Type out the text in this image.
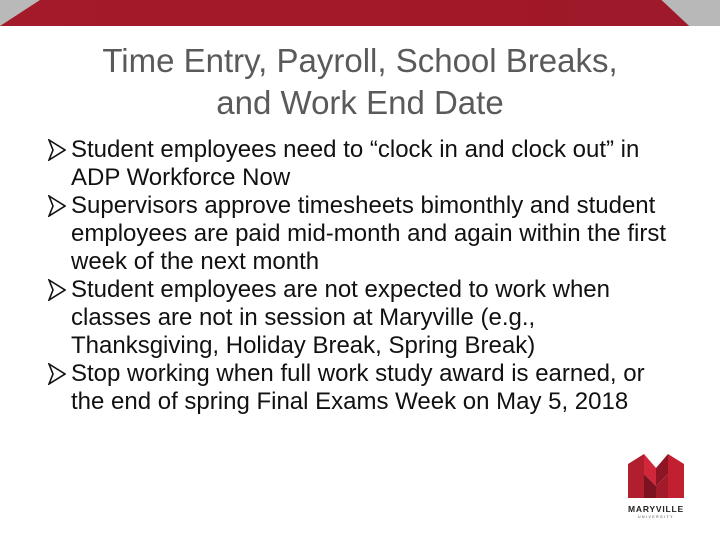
Time Entry, Payroll, School Breaks,
and Work End Date
Student employees need to “clock in and clock out” in ADP Workforce Now
Supervisors approve timesheets bimonthly and student employees are paid mid-month and again within the first week of the next month
Student employees are not expected to work when classes are not in session at Maryville (e.g., Thanksgiving, Holiday Break, Spring Break)
Stop working when full work study award is earned, or the end of spring Final Exams Week on May 5, 2018
MARYVILLE
UNIVERSITY
